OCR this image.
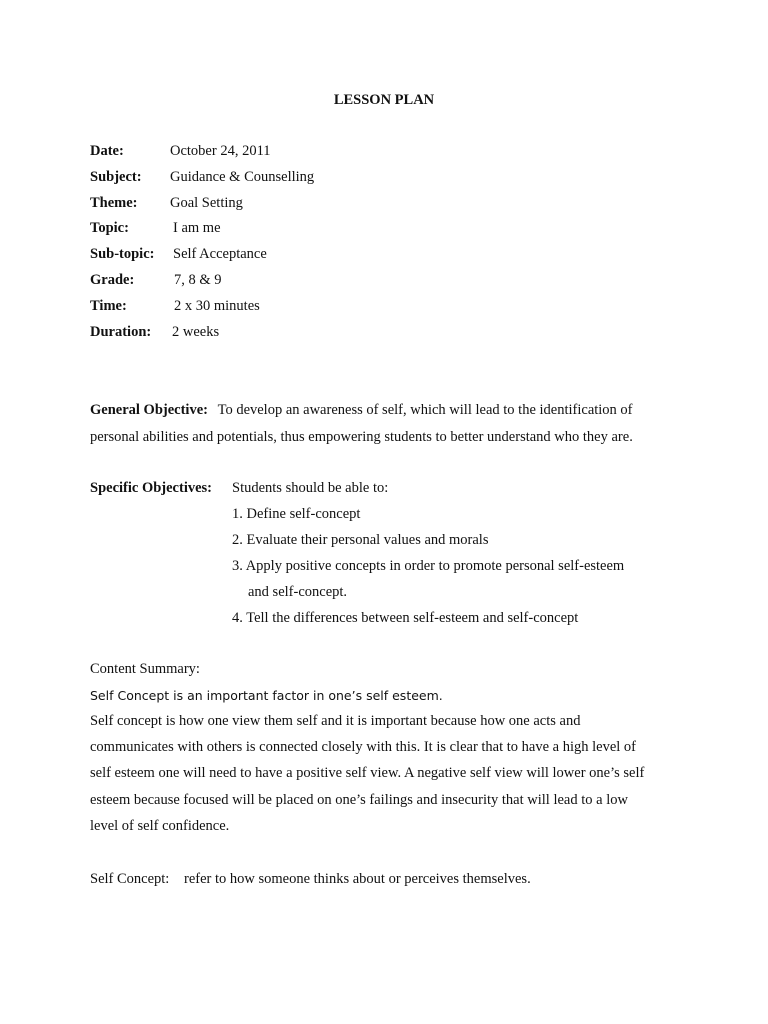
LESSON PLAN
Date:	October 24, 2011
Subject: Guidance & Counselling
Theme: Goal Setting
Topic:	I am me
Sub-topic: Self Acceptance
Grade:	7, 8 & 9
Time:	2 x 30 minutes
Duration: 2 weeks
General Objective: To develop an awareness of self, which will lead to the identification of
personal abilities and potentials, thus empowering students to better understand who they are.
Specific Objectives: Students should be able to:
1. Define self-concept
2. Evaluate their personal values and morals
3. Apply positive concepts in order to promote personal self-esteem
and self-concept.
4. Tell the differences between self-esteem and self-concept
Content Summary:
Self Concept is an important factor in one’s self esteem.
Self concept is how one view them self and it is important because how one acts and
communicates with others is connected closely with this. It is clear that to have a high level of
self esteem one will need to have a positive self view. A negative self view will lower one’s self
esteem because focused will be placed on one’s failings and insecurity that will lead to a low
level of self confidence.
Self Concept: refer to how someone thinks about or perceives themselves.
